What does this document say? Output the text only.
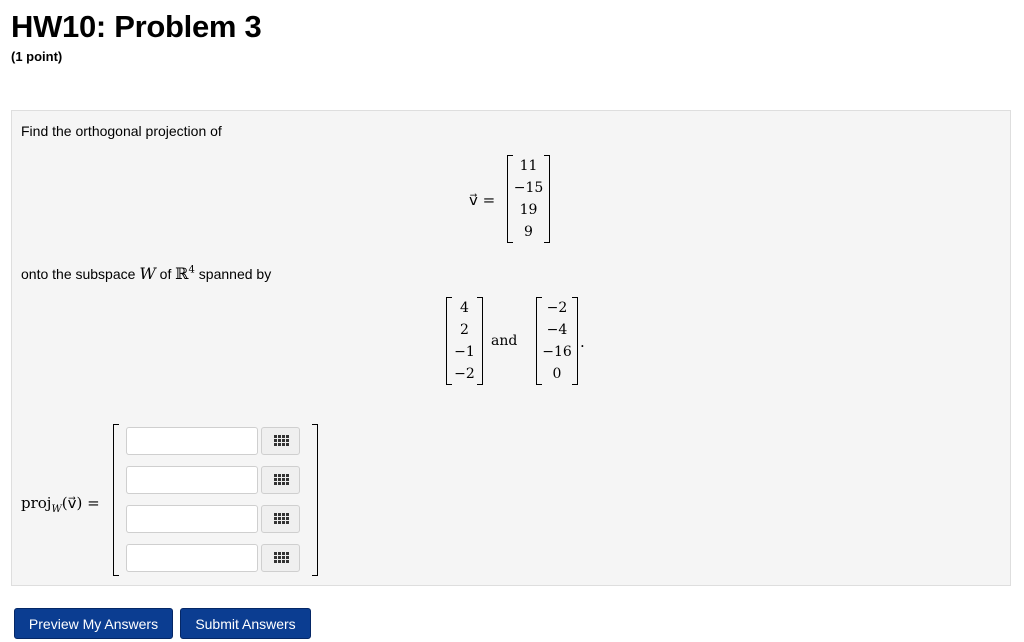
HW10: Problem 3
(1 point)
Find the orthogonal projection of
v⃗ =
11
−15
19
9
onto the subspace W of ℝ$^4$ spanned by
4
2
−1
−2
and
−2
−4
−16
0
.
proj$_W$(v⃗) =
Preview My Answers	Submit Answers
